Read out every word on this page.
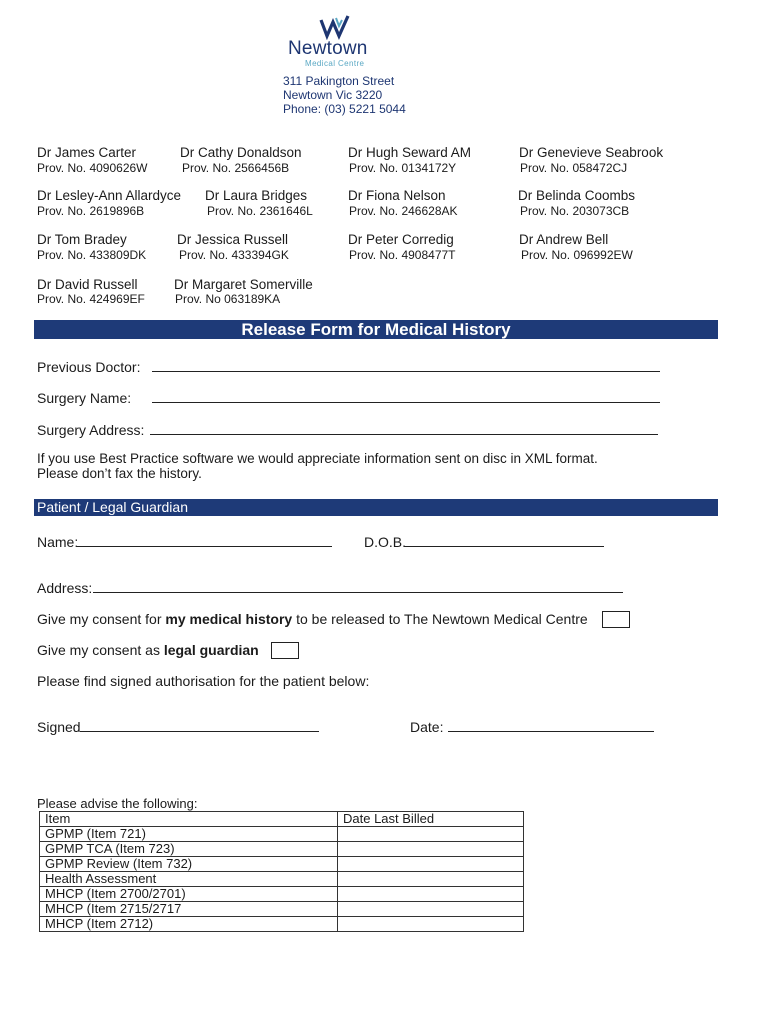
Newtown
Medical Centre
311 Pakington Street
Newtown Vic 3220
Phone: (03) 5221 5044
Dr James Carter
Prov. No. 4090626W
Dr Cathy Donaldson
Prov. No. 2566456B
Dr Hugh Seward AM
Prov. No. 0134172Y
Dr Genevieve Seabrook
Prov. No. 058472CJ
Dr Lesley-Ann Allardyce
Prov. No. 2619896B
Dr Laura Bridges
Prov. No. 2361646L
Dr Fiona Nelson
Prov. No. 246628AK
Dr Belinda Coombs
Prov. No. 203073CB
Dr Tom Bradey
Prov. No. 433809DK
Dr Jessica Russell
Prov. No. 433394GK
Dr Peter Corredig
Prov. No. 4908477T
Dr Andrew Bell
Prov. No. 096992EW
Dr David Russell
Prov. No. 424969EF
Dr Margaret Somerville
Prov. No 063189KA
Release Form for Medical History
Previous Doctor:
Surgery Name:
Surgery Address:
If you use Best Practice software we would appreciate information sent on disc in XML format.
Please don’t fax the history.
Patient / Legal Guardian
Name:	D.O.B.
Address:
Give my consent for my medical history to be released to The Newtown Medical Centre
Give my consent as legal guardian
Please find signed authorisation for the patient below:
Signed	Date:
Please advise the following:
Item	Date Last Billed
GPMP (Item 721)	
GPMP TCA (Item 723)	
GPMP Review (Item 732)	
Health Assessment	
MHCP (Item 2700/2701)	
MHCP (Item 2715/2717	
MHCP (Item 2712)	
